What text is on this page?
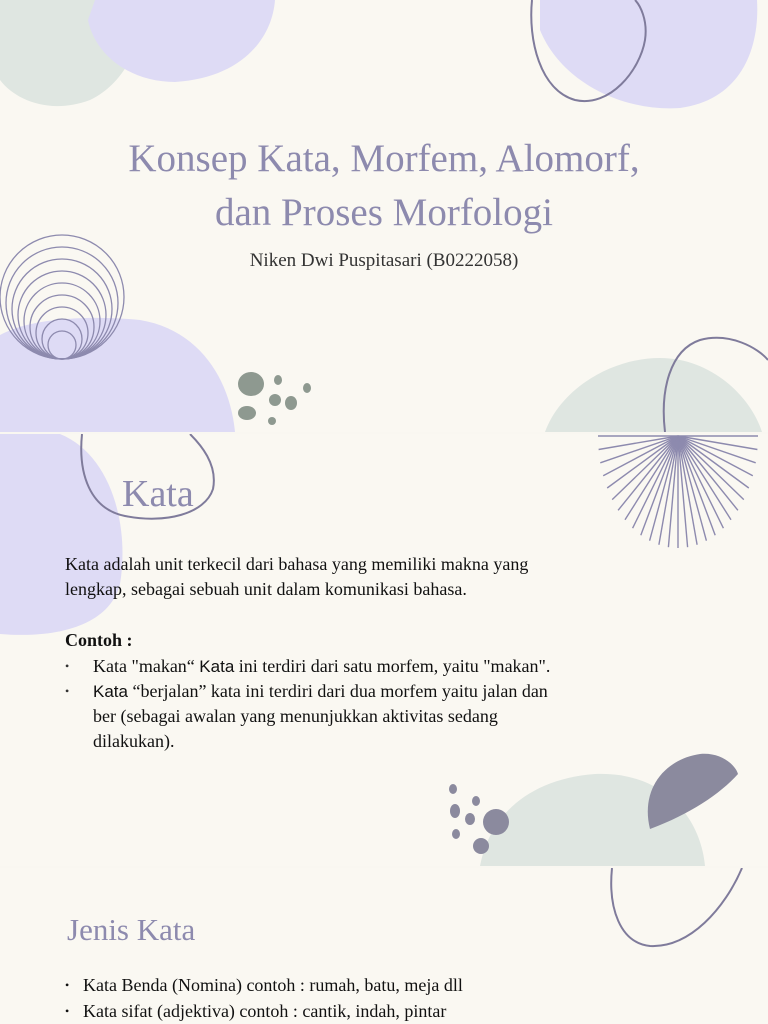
Konsep Kata, Morfem, Alomorf,
dan Proses Morfologi

Niken Dwi Puspitasari (B0222058)

Kata

Kata adalah unit terkecil dari bahasa yang memiliki makna yang
lengkap, sebagai sebuah unit dalam komunikasi bahasa.

Contoh :

• Kata "makan“ Kata ini terdiri dari satu morfem, yaitu "makan".
• Kata “berjalan” kata ini terdiri dari dua morfem yaitu jalan dan
ber (sebagai awalan yang menunjukkan aktivitas sedang
dilakukan).
Jenis Kata
• Kata Benda (Nomina) contoh : rumah, batu, meja dll
• Kata sifat (adjektiva) contoh : cantik, indah, pintar
